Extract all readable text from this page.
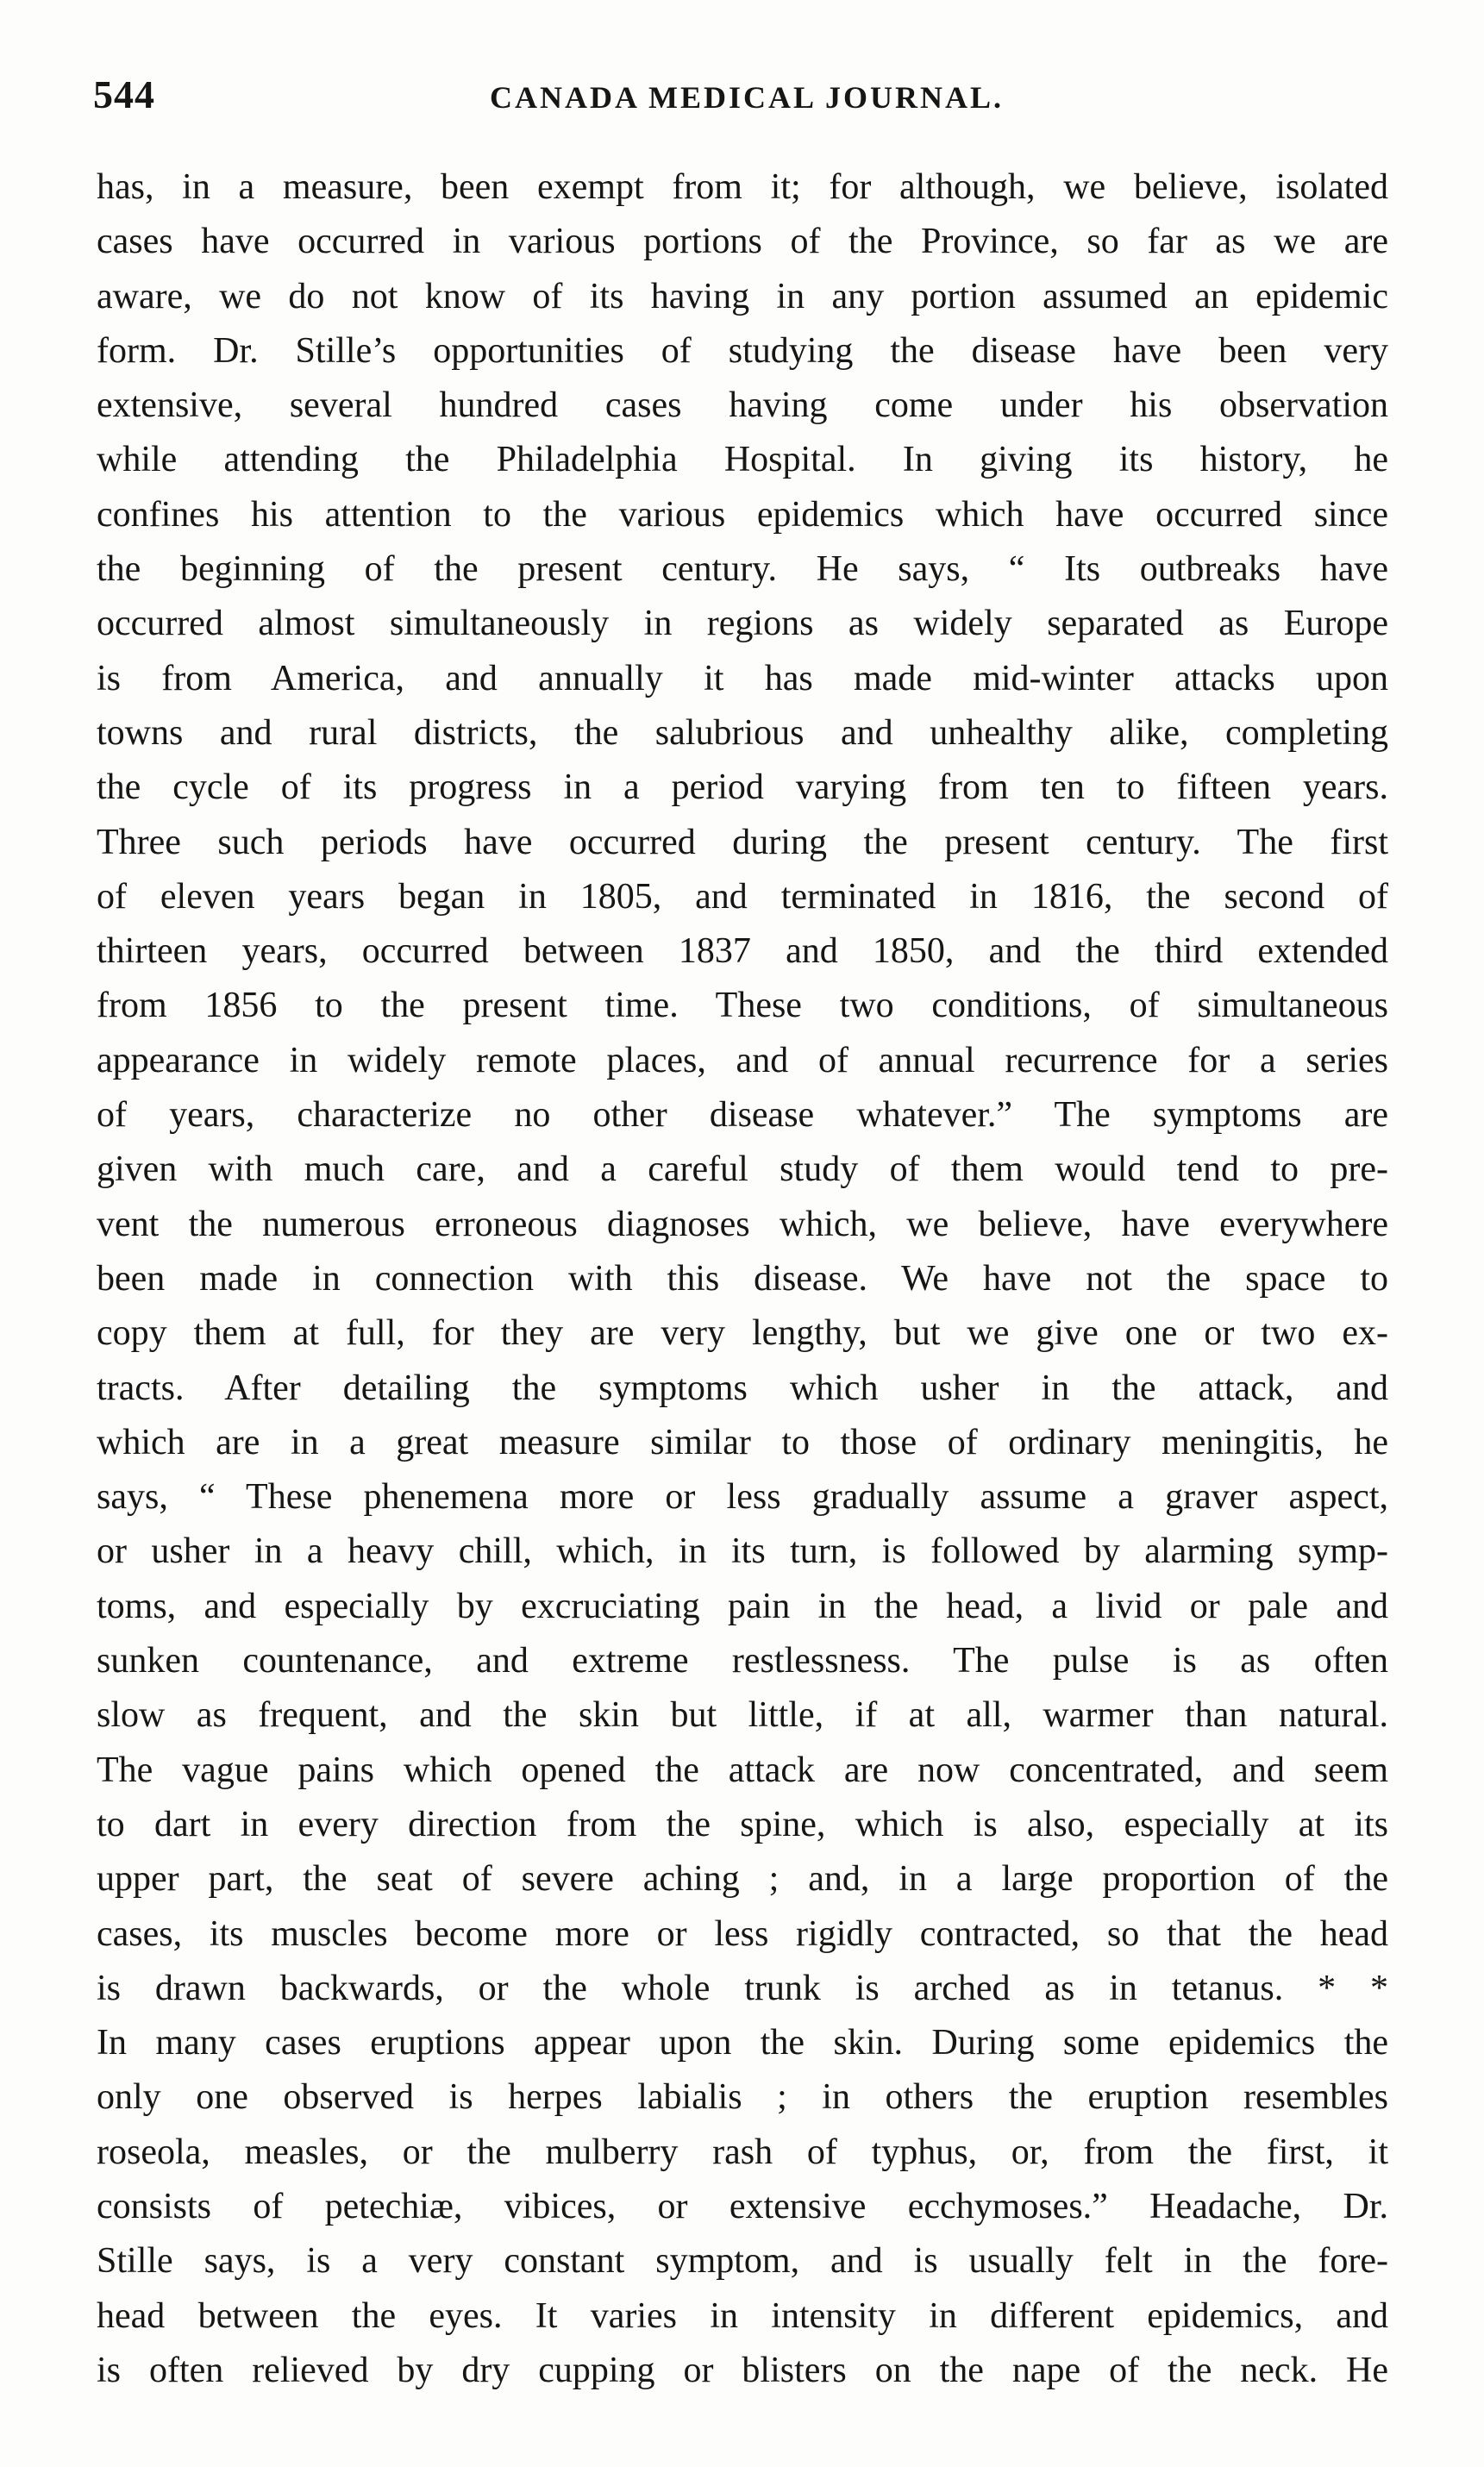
544	CANADA MEDICAL JOURNAL.
has, in a measure, been exempt from it; for although, we believe, isolated
cases have occurred in various portions of the Province, so far as we are
aware, we do not know of its having in any portion assumed an epidemic
form. Dr. Stille’s opportunities of studying the disease have been very
extensive, several hundred cases having come under his observation
while attending the Philadelphia Hospital. In giving its history, he
confines his attention to the various epidemics which have occurred since
the beginning of the present century. He says, “ Its outbreaks have
occurred almost simultaneously in regions as widely separated as Europe
is from America, and annually it has made mid-winter attacks upon
towns and rural districts, the salubrious and unhealthy alike, completing
the cycle of its progress in a period varying from ten to fifteen years.
Three such periods have occurred during the present century. The first
of eleven years began in 1805, and terminated in 1816, the second of
thirteen years, occurred between 1837 and 1850, and the third extended
from 1856 to the present time. These two conditions, of simultaneous
appearance in widely remote places, and of annual recurrence for a series
of years, characterize no other disease whatever.” The symptoms are
given with much care, and a careful study of them would tend to pre-
vent the numerous erroneous diagnoses which, we believe, have everywhere
been made in connection with this disease. We have not the space to
copy them at full, for they are very lengthy, but we give one or two ex-
tracts. After detailing the symptoms which usher in the attack, and
which are in a great measure similar to those of ordinary meningitis, he
says, “ These phenemena more or less gradually assume a graver aspect,
or usher in a heavy chill, which, in its turn, is followed by alarming symp-
toms, and especially by excruciating pain in the head, a livid or pale and
sunken countenance, and extreme restlessness. The pulse is as often
slow as frequent, and the skin but little, if at all, warmer than natural.
The vague pains which opened the attack are now concentrated, and seem
to dart in every direction from the spine, which is also, especially at its
upper part, the seat of severe aching ; and, in a large proportion of the
cases, its muscles become more or less rigidly contracted, so that the head
is drawn backwards, or the whole trunk is arched as in tetanus. * *
In many cases eruptions appear upon the skin. During some epidemics the
only one observed is herpes labialis ; in others the eruption resembles
roseola, measles, or the mulberry rash of typhus, or, from the first, it
consists of petechiæ, vibices, or extensive ecchymoses.” Headache, Dr.
Stille says, is a very constant symptom, and is usually felt in the fore-
head between the eyes. It varies in intensity in different epidemics, and
is often relieved by dry cupping or blisters on the nape of the neck. He
